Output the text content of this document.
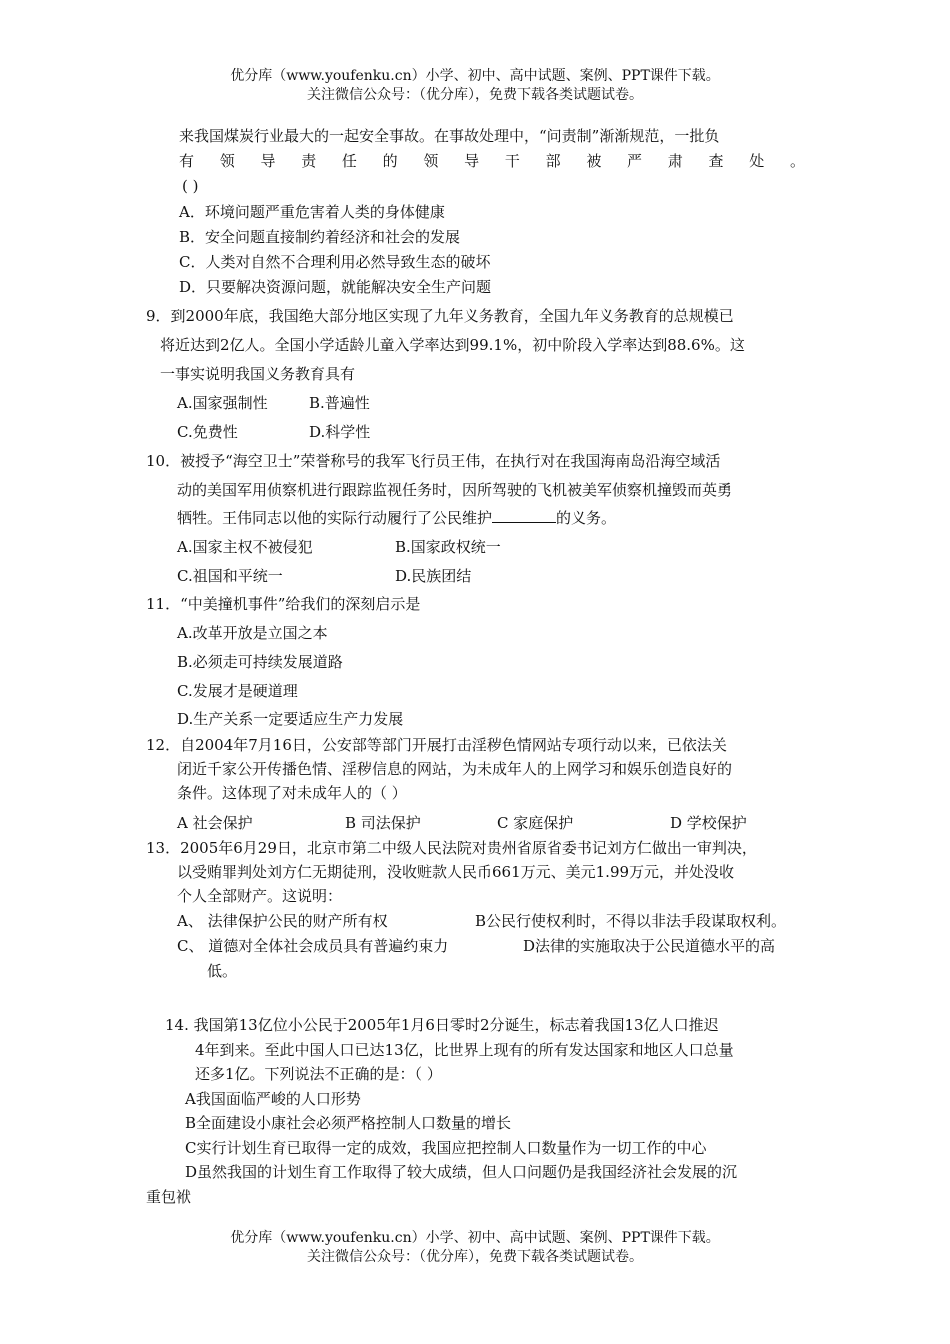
优分库（www.youfenku.cn）小学、初中、高中试题、案例、PPT课件下载。
关注微信公众号：（优分库），免费下载各类试题试卷。
来我国煤炭行业最大的一起安全事故。在事故处理中，“问责制”渐渐规范，一批负
有领导责任的领导干部被严肃查处。
( )
A．环境问题严重危害着人类的身体健康
B．安全问题直接制约着经济和社会的发展
C．人类对自然不合理利用必然导致生态的破坏
D．只要解决资源问题，就能解决安全生产问题
9．到2000年底，我国绝大部分地区实现了九年义务教育，全国九年义务教育的总规模已
将近达到2亿人。全国小学适龄儿童入学率达到99.1%，初中阶段入学率达到88.6%。这
一事实说明我国义务教育具有
A.国家强制性	B.普遍性
C.免费性	D.科学性
10．被授予“海空卫士”荣誉称号的我军飞行员王伟，在执行对在我国海南岛沿海空域活
动的美国军用侦察机进行跟踪监视任务时，因所驾驶的飞机被美军侦察机撞毁而英勇
牺牲。王伟同志以他的实际行动履行了公民维护	的义务。
A.国家主权不被侵犯	B.国家政权统一
C.祖国和平统一	D.民族团结
11．“中美撞机事件”给我们的深刻启示是
A.改革开放是立国之本
B.必须走可持续发展道路
C.发展才是硬道理
D.生产关系一定要适应生产力发展
12．自2004年7月16日，公安部等部门开展打击淫秽色情网站专项行动以来，已依法关
闭近千家公开传播色情、淫秽信息的网站，为未成年人的上网学习和娱乐创造良好的
条件。这体现了对未成年人的（ ）
A 社会保护	B 司法保护	C 家庭保护	D 学校保护
13．2005年6月29日，北京市第二中级人民法院对贵州省原省委书记刘方仁做出一审判决，
以受贿罪判处刘方仁无期徒刑，没收赃款人民币661万元、美元1.99万元，并处没收
个人全部财产。这说明：
A、 法律保护公民的财产所有权	B公民行使权利时，不得以非法手段谋取权利。
C、 道德对全体社会成员具有普遍约束力	D法律的实施取决于公民道德水平的高
低。
14. 我国第13亿位小公民于2005年1月6日零时2分诞生，标志着我国13亿人口推迟
4年到来。至此中国人口已达13亿，比世界上现有的所有发达国家和地区人口总量
还多1亿。下列说法不正确的是：（ ）
A我国面临严峻的人口形势
B全面建设小康社会必须严格控制人口数量的增长
C实行计划生育已取得一定的成效，我国应把控制人口数量作为一切工作的中心
D虽然我国的计划生育工作取得了较大成绩，但人口问题仍是我国经济社会发展的沉
重包袱
优分库（www.youfenku.cn）小学、初中、高中试题、案例、PPT课件下载。
关注微信公众号：（优分库），免费下载各类试题试卷。
